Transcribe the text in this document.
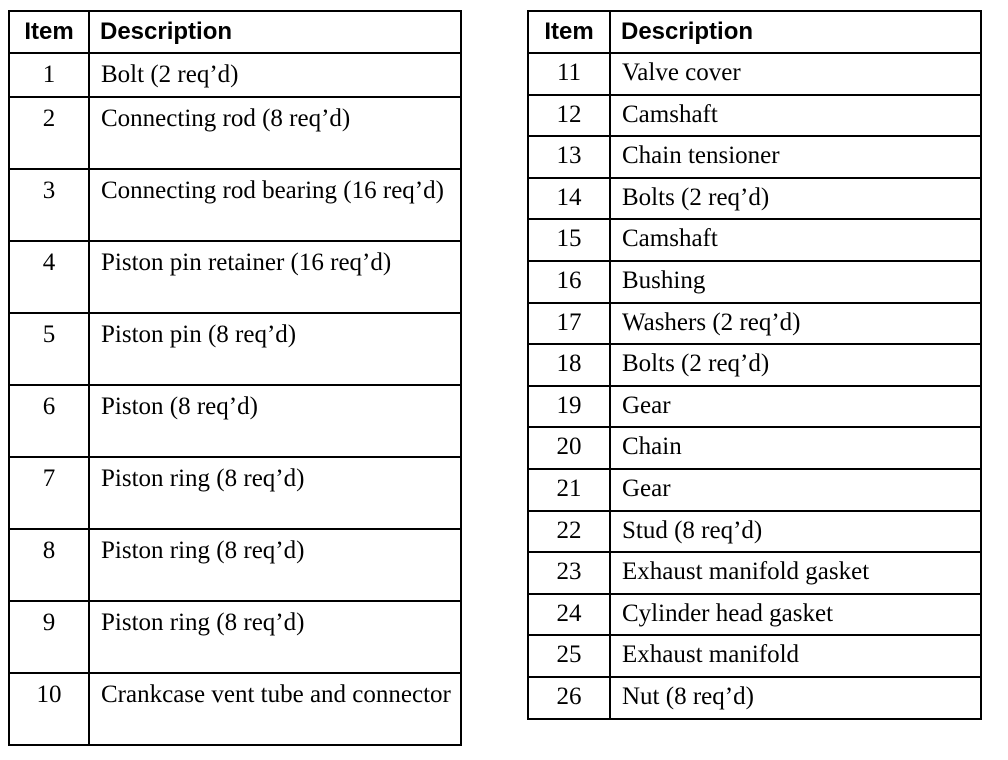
Item	Description
1	Bolt (2 req’d)
2	Connecting rod (8 req’d)
3	Connecting rod bearing (16 req’d)
4	Piston pin retainer (16 req’d)
5	Piston pin (8 req’d)
6	Piston (8 req’d)
7	Piston ring (8 req’d)
8	Piston ring (8 req’d)
9	Piston ring (8 req’d)
10	Crankcase vent tube and connector
Item	Description
11	Valve cover
12	Camshaft
13	Chain tensioner
14	Bolts (2 req’d)
15	Camshaft
16	Bushing
17	Washers (2 req’d)
18	Bolts (2 req’d)
19	Gear
20	Chain
21	Gear
22	Stud (8 req’d)
23	Exhaust manifold gasket
24	Cylinder head gasket
25	Exhaust manifold
26	Nut (8 req’d)
